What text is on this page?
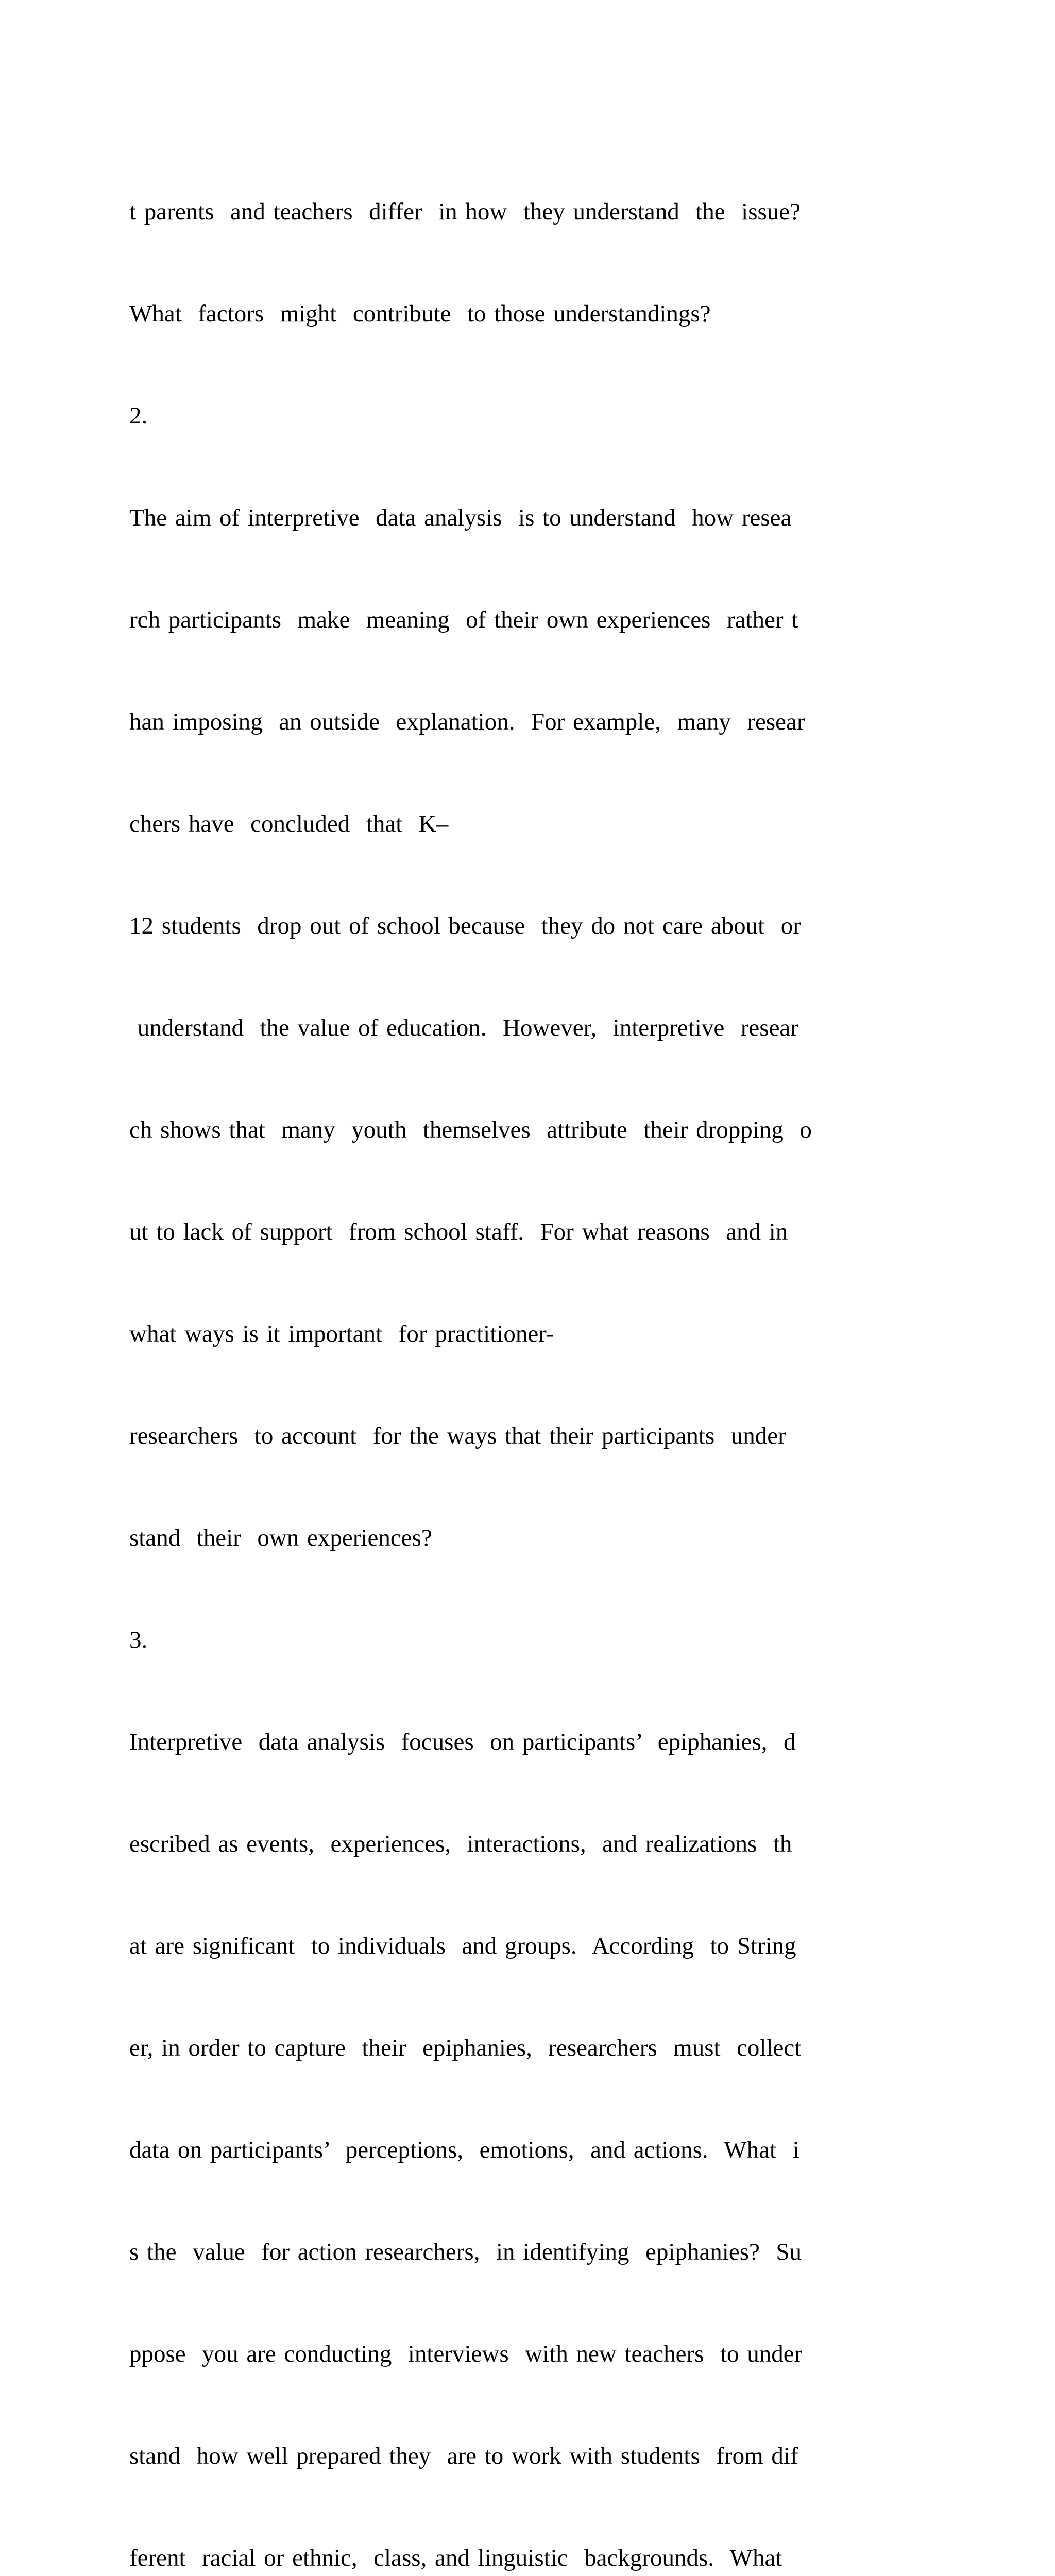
t parents  and teachers  differ  in how  they understand  the  issue?

What  factors  might  contribute  to those understandings?

2.

The aim of interpretive  data analysis  is to understand  how resea

rch participants  make  meaning  of their own experiences  rather t

han imposing  an outside  explanation.  For example,  many  resear

chers have  concluded  that  K–

12 students  drop out of school because  they do not care about  or

understand  the value of education.  However,  interpretive  resear

ch shows that  many  youth  themselves  attribute  their dropping  o

ut to lack of support  from school staff.  For what reasons  and in

what ways is it important  for practitioner-

researchers  to account  for the ways that their participants  under

stand  their  own experiences?

3.

Interpretive  data analysis  focuses  on participants’  epiphanies,  d

escribed as events,  experiences,  interactions,  and realizations  th

at are significant  to individuals  and groups.  According  to String

er, in order to capture  their  epiphanies,  researchers  must  collect

data on participants’  perceptions,  emotions,  and actions.  What  i

s the  value  for action researchers,  in identifying  epiphanies?  Su

ppose  you are conducting  interviews  with new teachers  to under

stand  how well prepared they  are to work with students  from dif

ferent  racial or ethnic,  class, and linguistic  backgrounds.  What
